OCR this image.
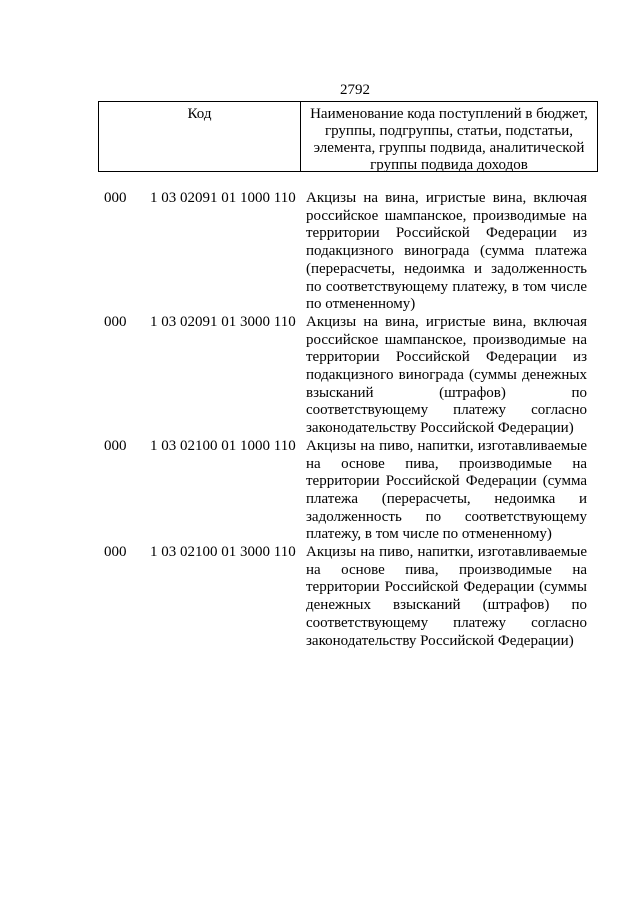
2792
Код	Наименование кода поступлений в бюджет, группы, подгруппы, статьи, подстатьи, элемента, группы подвида, аналитической группы подвида доходов
000 1 03 02091 01 1000 110 Акцизы на вина, игристые вина, включая российское шампанское, производимые на территории Российской Федерации из подакцизного винограда (сумма платежа (перерасчеты, недоимка и задолженность по соответствующему платежу, в том числе по отмененному)
000 1 03 02091 01 3000 110 Акцизы на вина, игристые вина, включая российское шампанское, производимые на территории Российской Федерации из подакцизного винограда (суммы денежных взысканий (штрафов) по соответствующему платежу согласно законодательству Российской Федерации)
000 1 03 02100 01 1000 110 Акцизы на пиво, напитки, изготавливаемые на основе пива, производимые на территории Российской Федерации (сумма платежа (перерасчеты, недоимка и задолженность по соответствующему платежу, в том числе по отмененному)
000 1 03 02100 01 3000 110 Акцизы на пиво, напитки, изготавливаемые на основе пива, производимые на территории Российской Федерации (суммы денежных взысканий (штрафов) по соответствующему платежу согласно законодательству Российской Федерации)
